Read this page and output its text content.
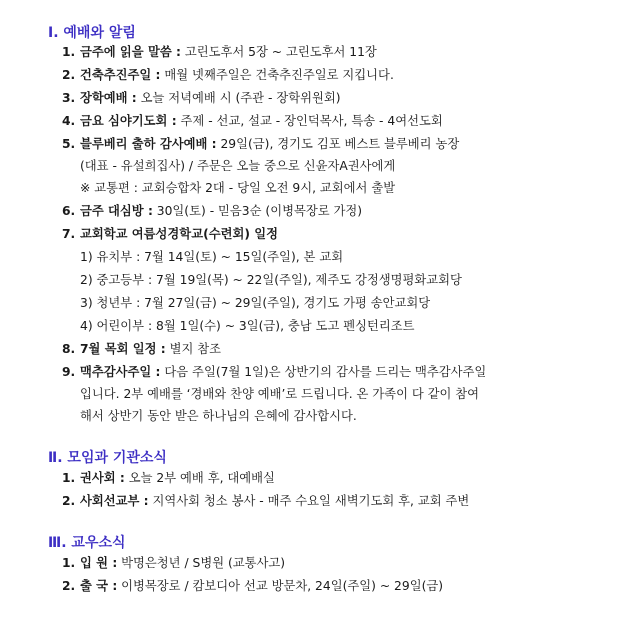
Ⅰ. 예배와 알림
1. 금주에 읽을 말씀 : 고린도후서 5장 ~ 고린도후서 11장
2. 건축추진주일 : 매월 넷째주일은 건축추진주일로 지킵니다.
3. 장학예배 : 오늘 저녁예배 시 (주관 - 장학위원회)
4. 금요 심야기도회 : 주제 - 선교, 설교 - 장인덕목사, 특송 - 4여선도회
5. 블루베리 출하 감사예배 : 29일(금), 경기도 김포 베스트 블루베리 농장
(대표 - 유설희집사) / 주문은 오늘 중으로 신윤자A권사에게
※ 교통편 : 교회승합차 2대 - 당일 오전 9시, 교회에서 출발
6. 금주 대심방 : 30일(토) - 믿음3순 (이병목장로 가정)
7. 교회학교 여름성경학교(수련회) 일정
1) 유치부 : 7월 14일(토) ~ 15일(주일), 본 교회
2) 중고등부 : 7월 19일(목) ~ 22일(주일), 제주도 강정생명평화교회당
3) 청년부 : 7월 27일(금) ~ 29일(주일), 경기도 가평 송안교회당
4) 어린이부 : 8월 1일(수) ~ 3일(금), 충남 도고 펜싱턴리조트
8. 7월 목회 일정 : 별지 참조
9. 맥추감사주일 : 다음 주일(7월 1일)은 상반기의 감사를 드리는 맥추감사주일
입니다. 2부 예배를 ‘경배와 찬양 예배’로 드립니다. 온 가족이 다 같이 참여
해서 상반기 동안 받은 하나님의 은혜에 감사합시다.
Ⅱ. 모임과 기관소식
1. 권사회 : 오늘 2부 예배 후, 대예배실
2. 사회선교부 : 지역사회 청소 봉사 - 매주 수요일 새벽기도회 후, 교회 주변
Ⅲ. 교우소식
1. 입 원 : 박명은청년 / S병원 (교통사고)
2. 출 국 : 이병목장로 / 캄보디아 선교 방문차, 24일(주일) ~ 29일(금)
